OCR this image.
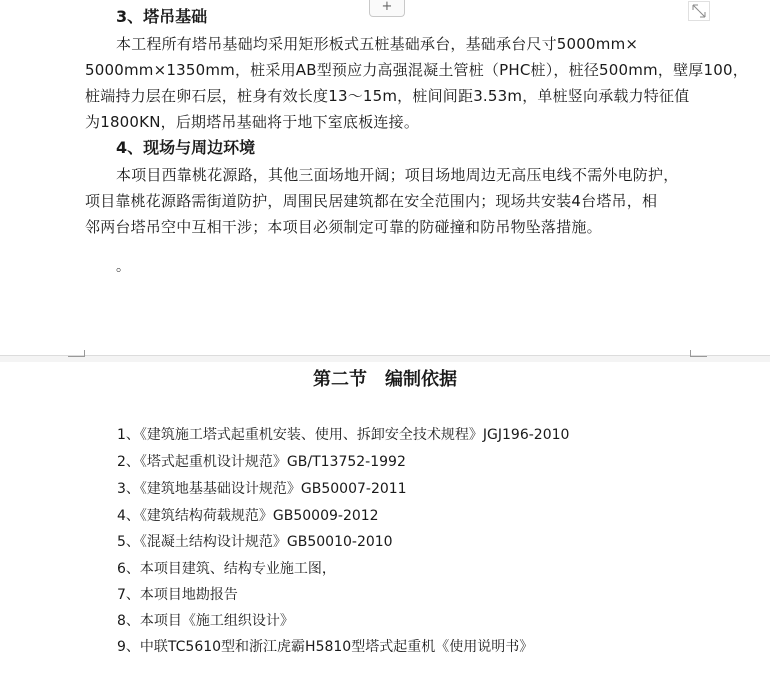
+
3、塔吊基础
本工程所有塔吊基础均采用矩形板式五桩基础承台，基础承台尺寸5000mm×
5000mm×1350mm，桩采用AB型预应力高强混凝土管桩（PHC桩），桩径500mm，壁厚100，
桩端持力层在卵石层，桩身有效长度13～15m，桩间间距3.53m，单桩竖向承载力特征值
为1800KN，后期塔吊基础将于地下室底板连接。
4、现场与周边环境
本项目西靠桃花源路，其他三面场地开阔；项目场地周边无高压电线不需外电防护，
项目靠桃花源路需街道防护，周围民居建筑都在安全范围内；现场共安装4台塔吊，相
邻两台塔吊空中互相干涉；本项目必须制定可靠的防碰撞和防吊物坠落措施。
。
第二节　编制依据
1、《建筑施工塔式起重机安装、使用、拆卸安全技术规程》JGJ196-2010
2、《塔式起重机设计规范》GB/T13752-1992
3、《建筑地基基础设计规范》GB50007-2011
4、《建筑结构荷载规范》GB50009-2012
5、《混凝土结构设计规范》GB50010-2010
6、本项目建筑、结构专业施工图，
7、本项目地勘报告
8、本项目《施工组织设计》
9、中联TC5610型和浙江虎霸H5810型塔式起重机《使用说明书》
